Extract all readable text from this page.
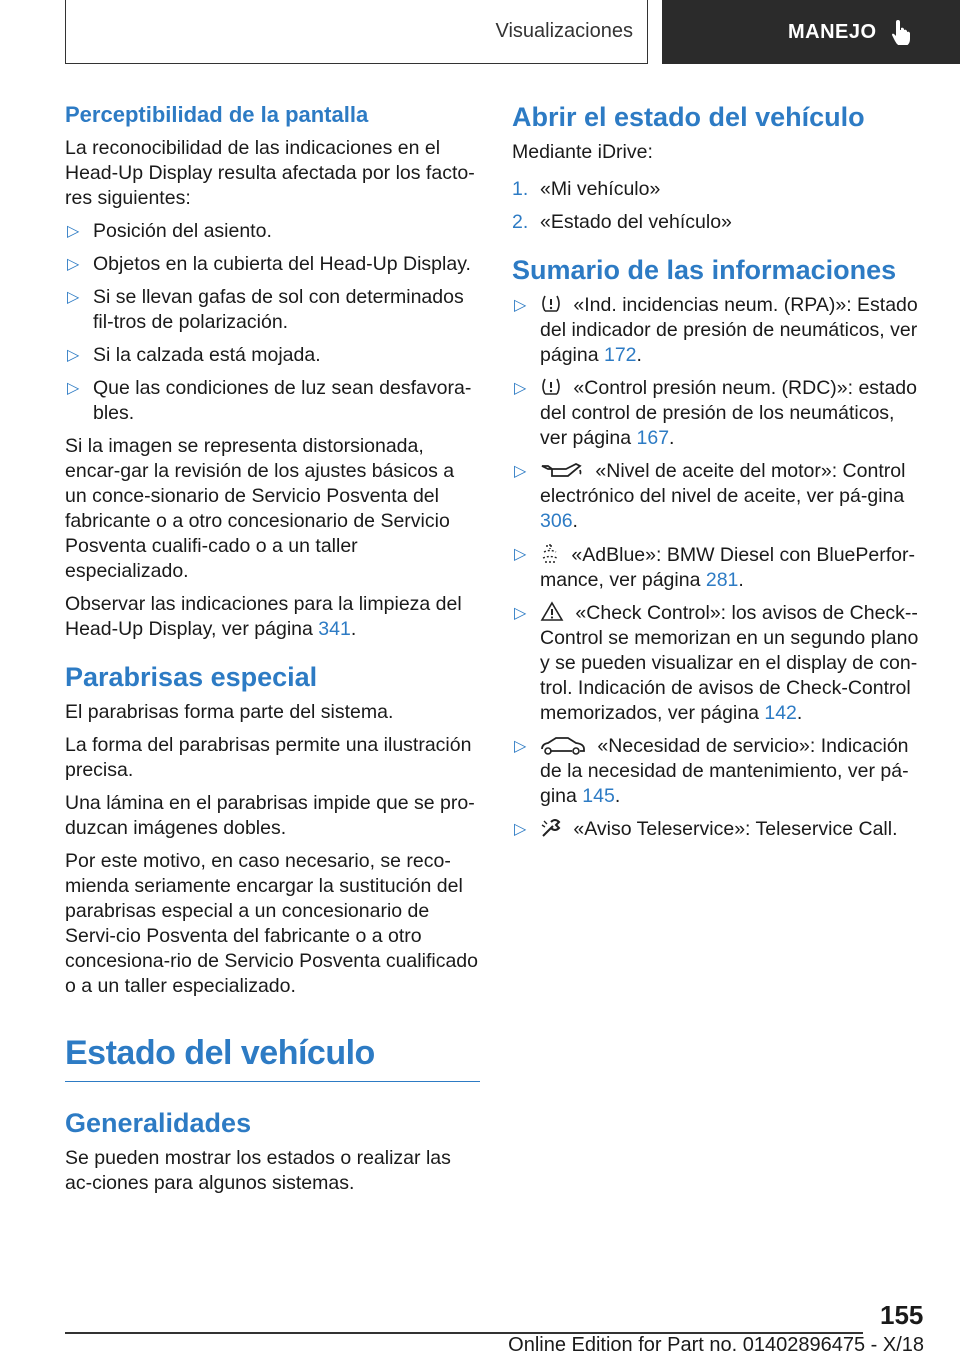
Visualizaciones	MANEJO
Perceptibilidad de la pantalla

La reconocibilidad de las indicaciones en el Head-Up Display resulta afectada por los facto-res siguientes:

▷ Posición del asiento.
▷ Objetos en la cubierta del Head-Up Display.
▷ Si se llevan gafas de sol con determinados fil-tros de polarización.
▷ Si la calzada está mojada.
▷ Que las condiciones de luz sean desfavora-bles.

Si la imagen se representa distorsionada, encar-gar la revisión de los ajustes básicos a un conce-sionario de Servicio Posventa del fabricante o a otro concesionario de Servicio Posventa cualifi-cado o a un taller especializado.

Observar las indicaciones para la limpieza del Head-Up Display, ver página 341.

Parabrisas especial

El parabrisas forma parte del sistema.

La forma del parabrisas permite una ilustración precisa.

Una lámina en el parabrisas impide que se pro-duzcan imágenes dobles.

Por este motivo, en caso necesario, se reco-mienda seriamente encargar la sustitución del parabrisas especial a un concesionario de Servi-cio Posventa del fabricante o a otro concesiona-rio de Servicio Posventa cualificado o a un taller especializado.

Estado del vehículo
Generalidades

Se pueden mostrar los estados o realizar las ac-ciones para algunos sistemas.

Abrir el estado del vehículo

Mediante iDrive:

1. «Mi vehículo»
2. «Estado del vehículo»
Sumario de las informaciones
▷ «Ind. incidencias neum. (RPA)»: Estado del indicador de presión de neumáticos, ver página 172.
▷ «Control presión neum. (RDC)»: estado del control de presión de los neumáticos, ver página 167.
▷	«Nivel de aceite del motor»: Control electrónico del nivel de aceite, ver pá-gina 306.
▷ «AdBlue»: BMW Diesel con BluePerfor-mance, ver página 281.
▷	«Check Control»: los avisos de Check--Control se memorizan en un segundo plano y se pueden visualizar en el display de con-trol. Indicación de avisos de Check-Control memorizados, ver página 142.
▷	«Necesidad de servicio»: Indicación de la necesidad de mantenimiento, ver pá-gina 145.
▷ «Aviso Teleservice»: Teleservice Call.
155
Online Edition for Part no. 01402896475 - X/18
